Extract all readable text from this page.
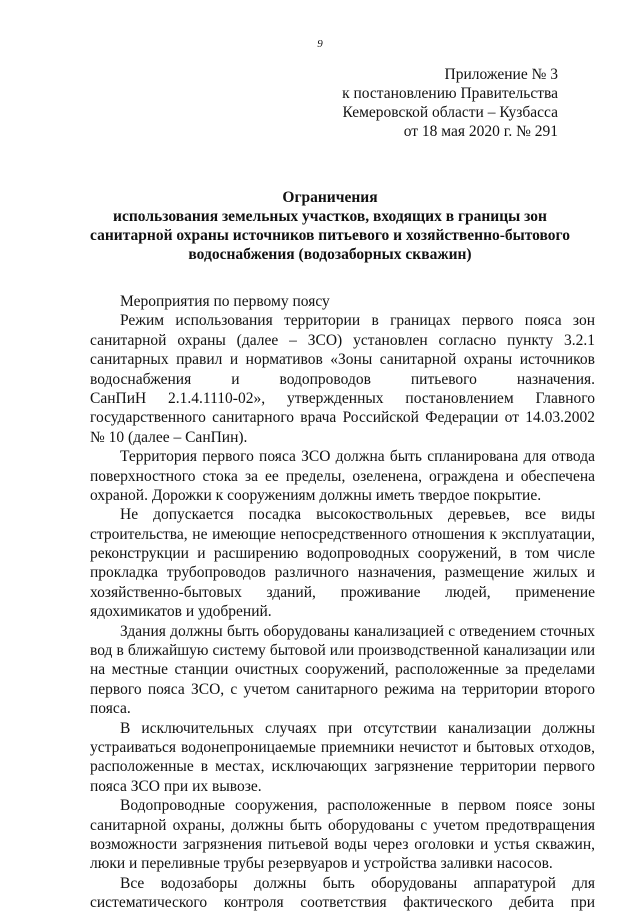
9
Приложение № 3
к постановлению Правительства
Кемеровской области – Кузбасса
от 18 мая 2020 г. № 291
Ограничения
использования земельных участков, входящих в границы зон
санитарной охраны источников питьевого и хозяйственно-бытового
водоснабжения (водозаборных скважин)
Мероприятия по первому поясу
Режим использования территории в границах первого пояса зон
санитарной охраны (далее – ЗСО) установлен согласно пункту 3.2.1
санитарных правил и нормативов «Зоны санитарной охраны источников
водоснабжения и водопроводов питьевого назначения.
СанПиН 2.1.4.1110-02», утвержденных постановлением Главного
государственного санитарного врача Российской Федерации от 14.03.2002
№ 10 (далее – СанПин).
Территория первого пояса ЗСО должна быть спланирована для отвода
поверхностного стока за ее пределы, озеленена, ограждена и обеспечена
охраной. Дорожки к сооружениям должны иметь твердое покрытие.
Не допускается посадка высокоствольных деревьев, все виды
строительства, не имеющие непосредственного отношения к эксплуатации,
реконструкции и расширению водопроводных сооружений, в том числе
прокладка трубопроводов различного назначения, размещение жилых и
хозяйственно-бытовых зданий, проживание людей, применение
ядохимикатов и удобрений.
Здания должны быть оборудованы канализацией с отведением сточных
вод в ближайшую систему бытовой или производственной канализации или
на местные станции очистных сооружений, расположенные за пределами
первого пояса ЗСО, с учетом санитарного режима на территории второго
пояса.
В исключительных случаях при отсутствии канализации должны
устраиваться водонепроницаемые приемники нечистот и бытовых отходов,
расположенные в местах, исключающих загрязнение территории первого
пояса ЗСО при их вывозе.
Водопроводные сооружения, расположенные в первом поясе зоны
санитарной охраны, должны быть оборудованы с учетом предотвращения
возможности загрязнения питьевой воды через оголовки и устья скважин,
люки и переливные трубы резервуаров и устройства заливки насосов.
Все водозаборы должны быть оборудованы аппаратурой для
систематического контроля соответствия фактического дебита при
